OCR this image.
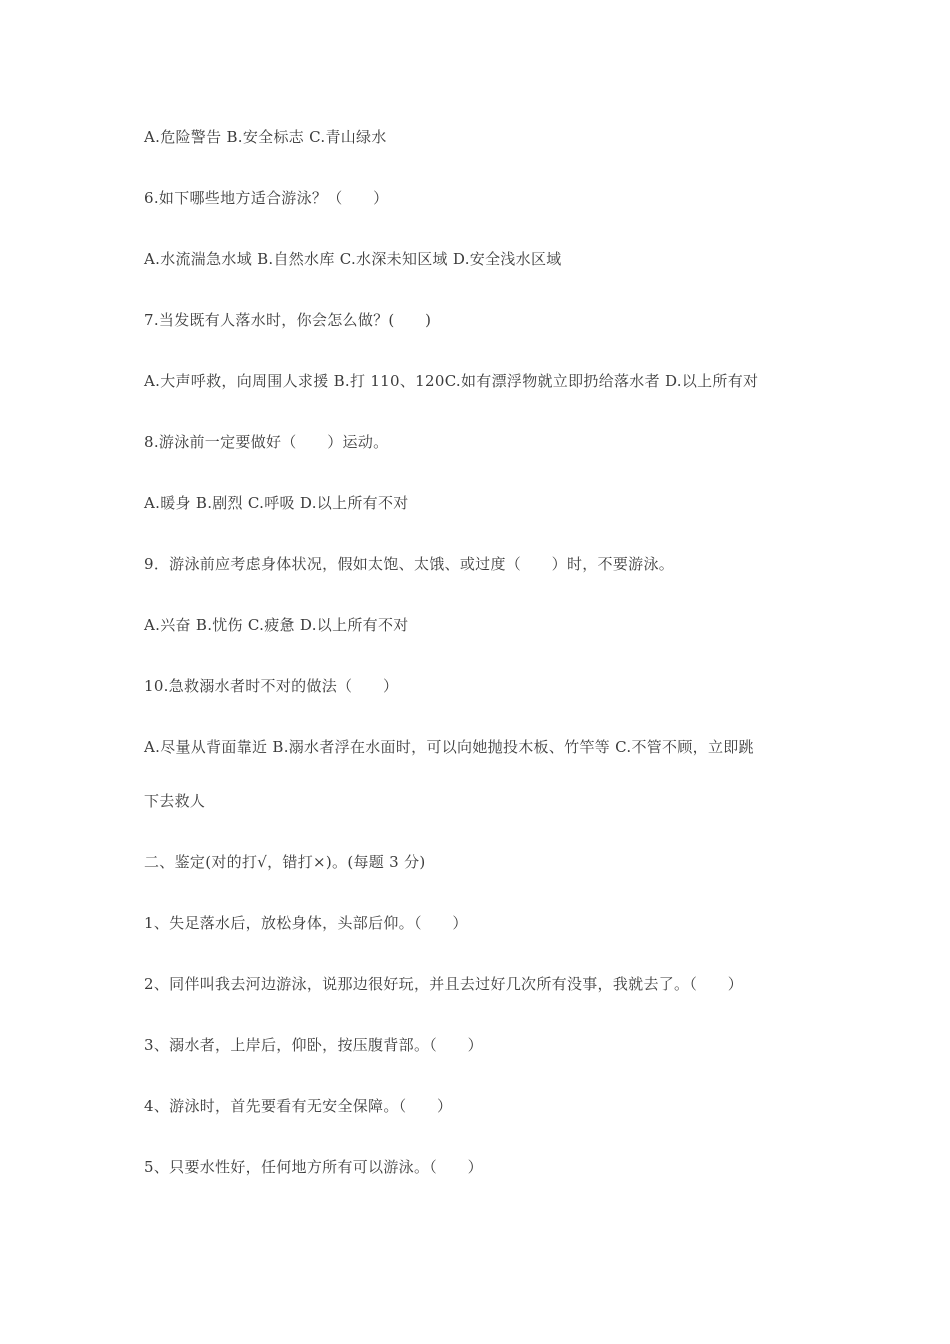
A.危险警告 B.安全标志 C.青山绿水
6.如下哪些地方适合游泳？（　　）
A.水流湍急水域 B.自然水库 C.水深未知区域 D.安全浅水区域
7.当发既有人落水时，你会怎么做？(　　)
A.大声呼救，向周围人求援 B.打 110、120C.如有漂浮物就立即扔给落水者 D.以上所有对
8.游泳前一定要做好（　　）运动。
A.暖身 B.剧烈 C.呼吸 D.以上所有不对
9．游泳前应考虑身体状况，假如太饱、太饿、或过度（　　）时，不要游泳。
A.兴奋 B.忧伤 C.疲惫 D.以上所有不对
10.急救溺水者时不对的做法（　　）
A.尽量从背面靠近 B.溺水者浮在水面时，可以向她抛投木板、竹竿等 C.不管不顾，立即跳
下去救人
二、鉴定(对的打√，错打×)。(每题 3 分)
1、失足落水后，放松身体，头部后仰。（　　）
2、同伴叫我去河边游泳，说那边很好玩，并且去过好几次所有没事，我就去了。（　　）
3、溺水者，上岸后，仰卧，按压腹背部。（　　）
4、游泳时，首先要看有无安全保障。（　　）
5、只要水性好，任何地方所有可以游泳。（　　）
